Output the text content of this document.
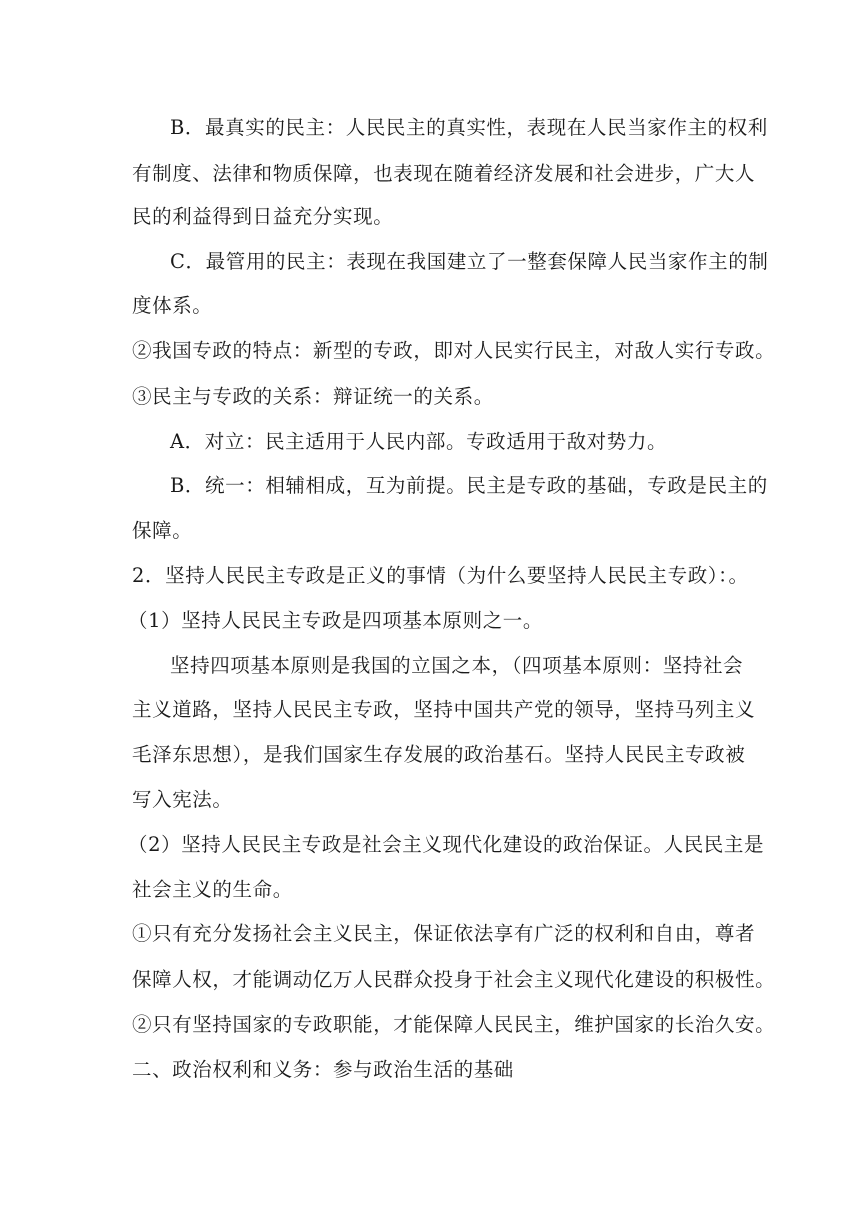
B．最真实的民主：人民民主的真实性，表现在人民当家作主的权利
有制度、法律和物质保障，也表现在随着经济发展和社会进步，广大人
民的利益得到日益充分实现。
C．最管用的民主：表现在我国建立了一整套保障人民当家作主的制
度体系。
②我国专政的特点：新型的专政，即对人民实行民主，对敌人实行专政。
③民主与专政的关系：辩证统一的关系。
A．对立：民主适用于人民内部。专政适用于敌对势力。
B．统一：相辅相成，互为前提。民主是专政的基础，专政是民主的
保障。
2．坚持人民民主专政是正义的事情（为什么要坚持人民民主专政）：。
（1）坚持人民民主专政是四项基本原则之一。
坚持四项基本原则是我国的立国之本，（四项基本原则：坚持社会
主义道路，坚持人民民主专政，坚持中国共产党的领导，坚持马列主义
毛泽东思想），是我们国家生存发展的政治基石。坚持人民民主专政被
写入宪法。
（2）坚持人民民主专政是社会主义现代化建设的政治保证。人民民主是
社会主义的生命。
①只有充分发扬社会主义民主，保证依法享有广泛的权利和自由，尊者
保障人权，才能调动亿万人民群众投身于社会主义现代化建设的积极性。
②只有坚持国家的专政职能，才能保障人民民主，维护国家的长治久安。
二、政治权利和义务：参与政治生活的基础
